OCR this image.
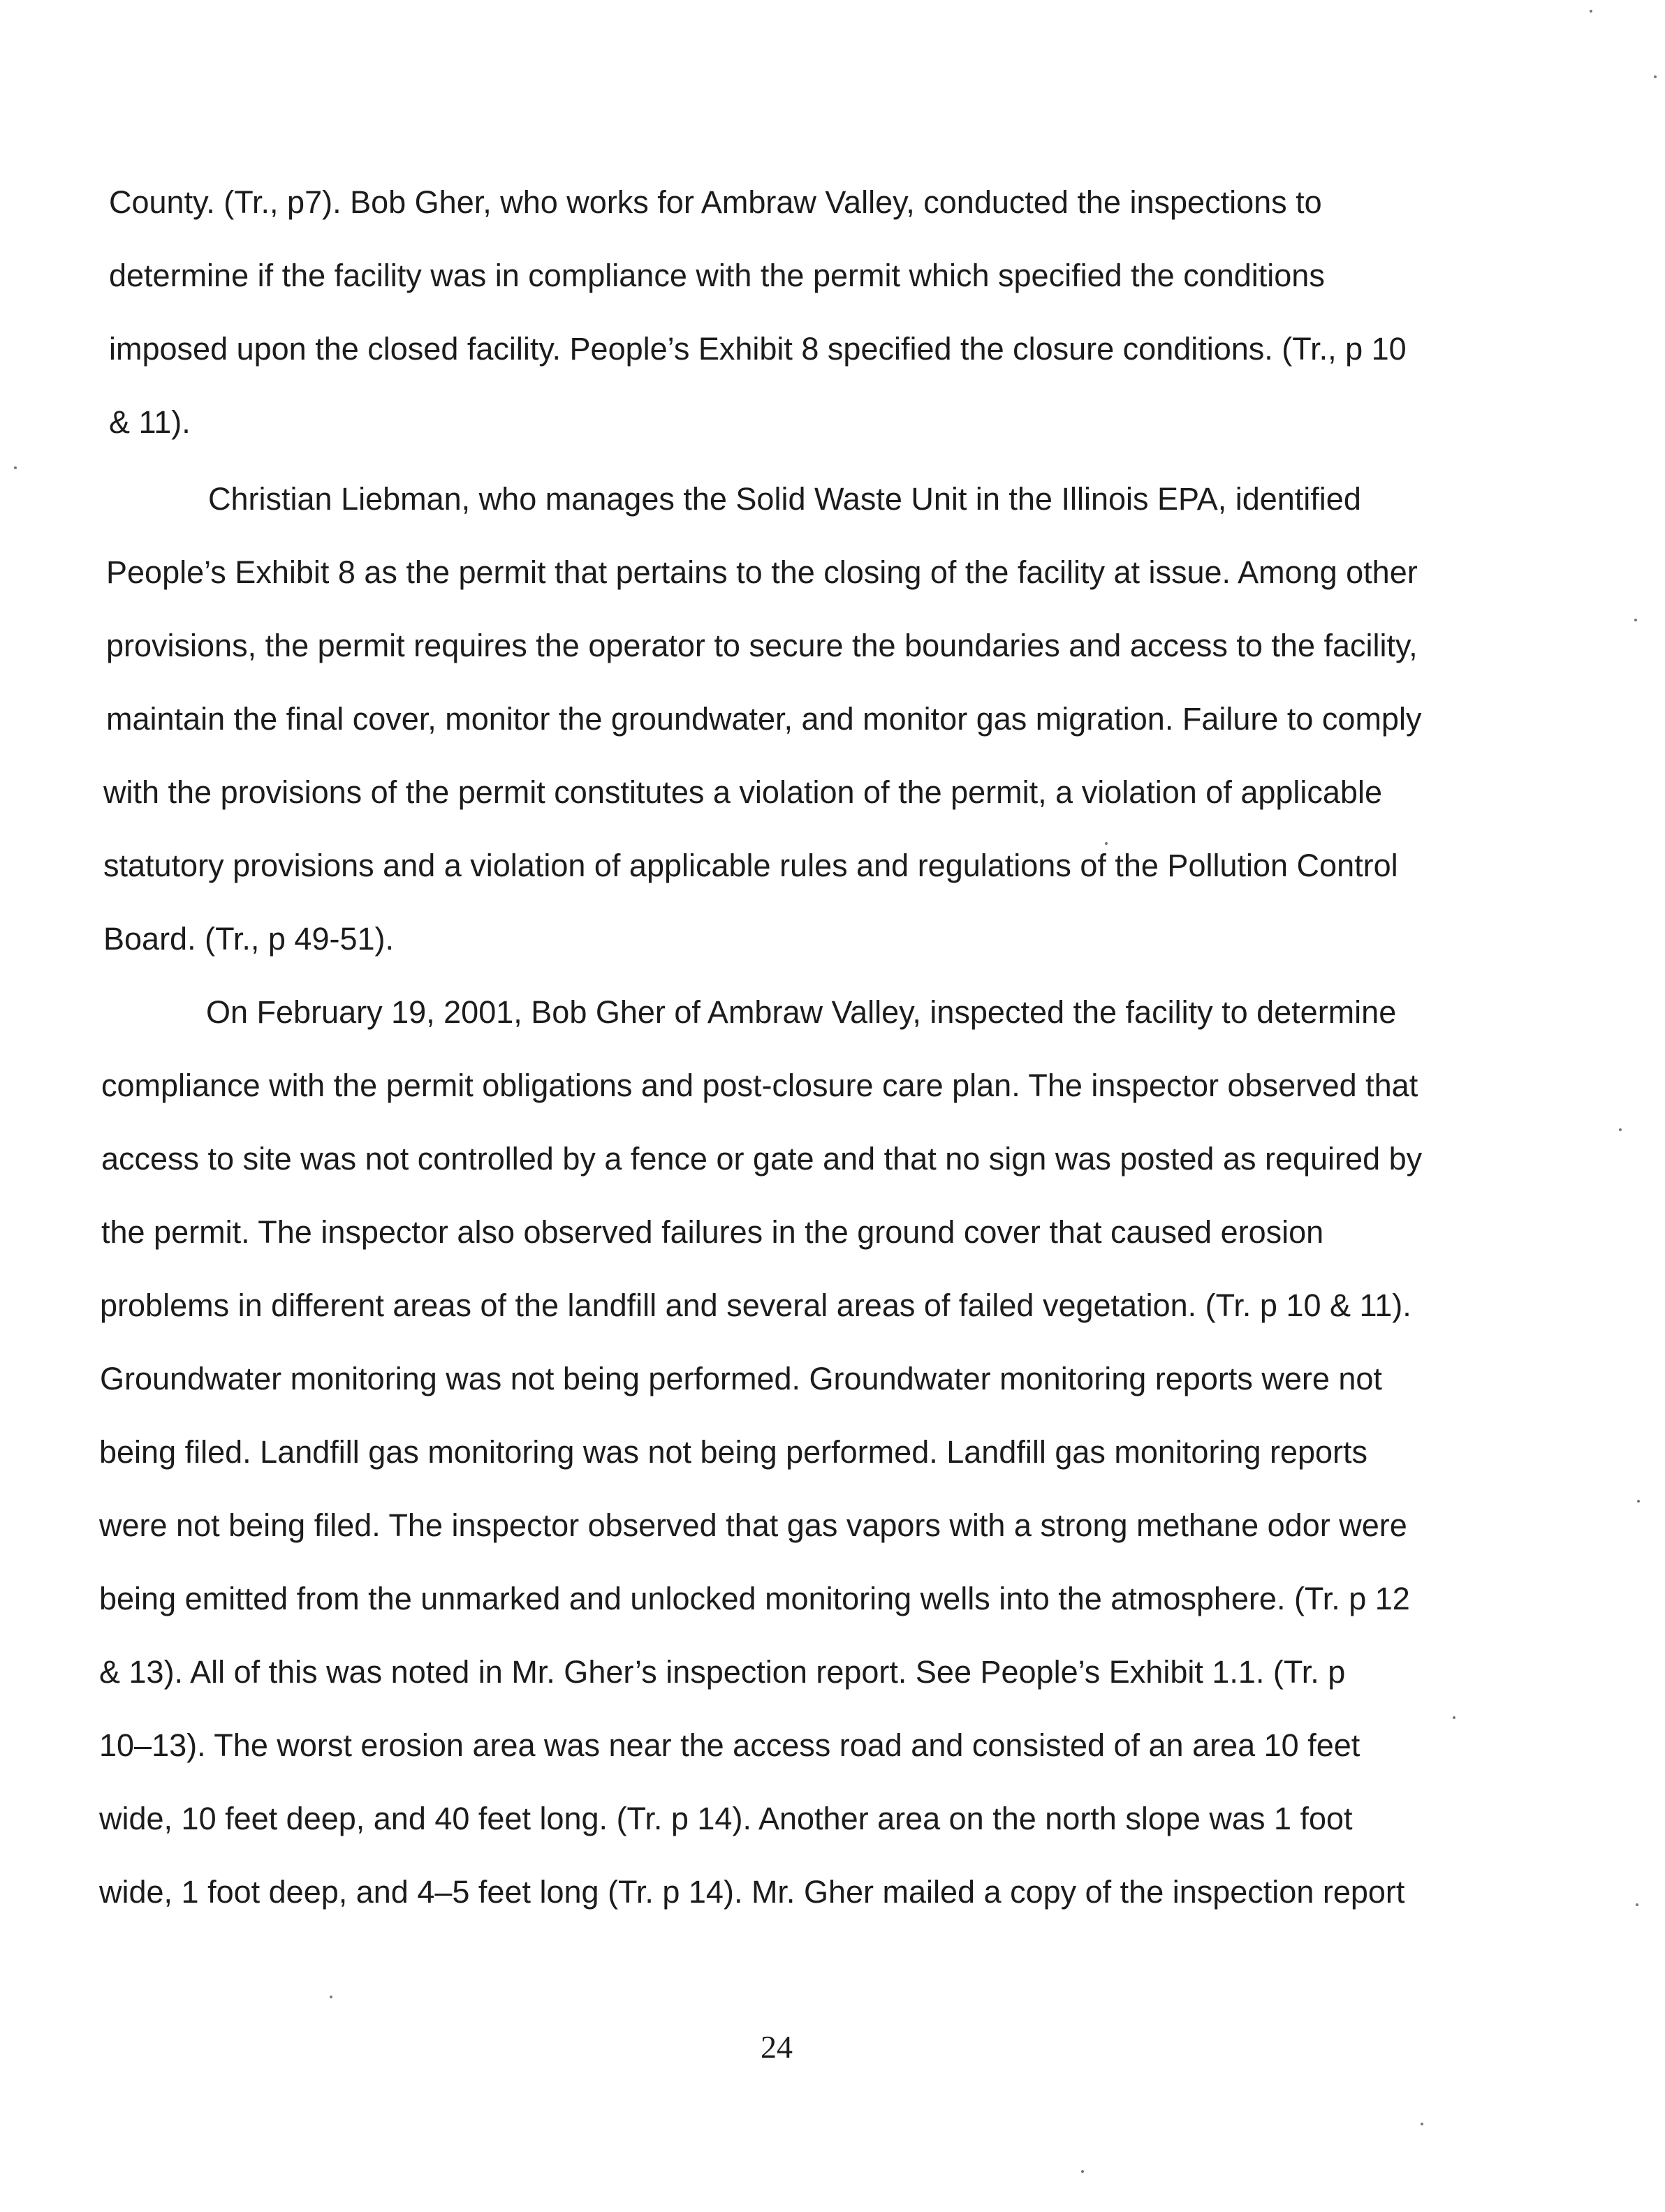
County. (Tr., p7). Bob Gher, who works for Ambraw Valley, conducted the inspections to
determine if the facility was in compliance with the permit which specified the conditions
imposed upon the closed facility. People’s Exhibit 8 specified the closure conditions. (Tr., p 10
& 11).
Christian Liebman, who manages the Solid Waste Unit in the Illinois EPA, identified
People’s Exhibit 8 as the permit that pertains to the closing of the facility at issue. Among other
provisions, the permit requires the operator to secure the boundaries and access to the facility,
maintain the final cover, monitor the groundwater, and monitor gas migration. Failure to comply
with the provisions of the permit constitutes a violation of the permit, a violation of applicable
statutory provisions and a violation of applicable rules and regulations of the Pollution Control
Board. (Tr., p 49-51).
On February 19, 2001, Bob Gher of Ambraw Valley, inspected the facility to determine
compliance with the permit obligations and post-closure care plan. The inspector observed that
access to site was not controlled by a fence or gate and that no sign was posted as required by
the permit. The inspector also observed failures in the ground cover that caused erosion
problems in different areas of the landfill and several areas of failed vegetation. (Tr. p 10 & 11).
Groundwater monitoring was not being performed. Groundwater monitoring reports were not
being filed. Landfill gas monitoring was not being performed. Landfill gas monitoring reports
were not being filed. The inspector observed that gas vapors with a strong methane odor were
being emitted from the unmarked and unlocked monitoring wells into the atmosphere. (Tr. p 12
& 13). All of this was noted in Mr. Gher’s inspection report. See People’s Exhibit 1.1. (Tr. p
10–13). The worst erosion area was near the access road and consisted of an area 10 feet
wide, 10 feet deep, and 40 feet long. (Tr. p 14). Another area on the north slope was 1 foot
wide, 1 foot deep, and 4–5 feet long (Tr. p 14). Mr. Gher mailed a copy of the inspection report
24
